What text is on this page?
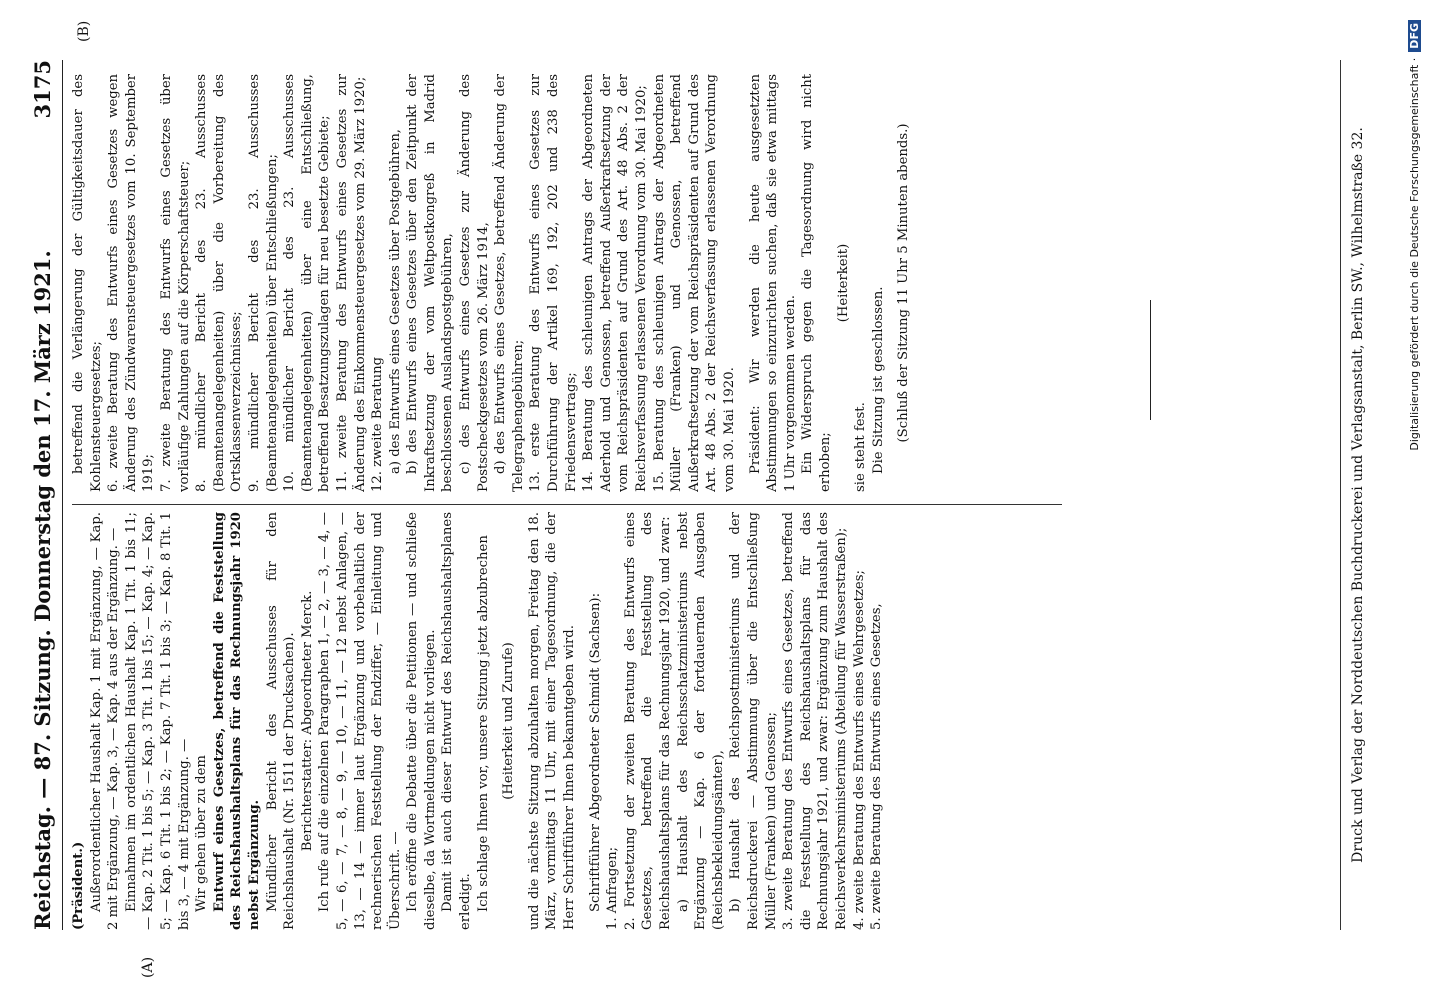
Reichstag. — 87. Sitzung. Donnerstag den 17. März 1921.
3175
(A)
(B)

(Präsident.) Außerordentlicher Haushalt Kap. 1 mit Ergänzung, — Kap. 2 mit Ergänzung, — Kap. 3, — Kap. 4 aus der Ergänzung. — Einnahmen im ordentlichen Haushalt Kap. 1 Tit. 1 bis 11; — Kap. 2 Tit. 1 bis 5; — Kap. 3 Tit. 1 bis 15; — Kap. 4; — Kap. 5; — Kap. 6 Tit. 1 bis 2; — Kap. 7 Tit. 1 bis 3; — Kap. 8 Tit. 1 bis 3, — 4 mit Ergänzung. — Wir gehen über zu dem Entwurf eines Gesetzes, betreffend die Feststellung des Reichshaushaltsplans für das Rechnungsjahr 1920 nebst Ergänzung. Mündlicher Bericht des Ausschusses für den Reichshaushalt (Nr. 1511 der Drucksachen). Berichterstatter: Abgeordneter Merck. Ich rufe auf die einzelnen Paragraphen 1, — 2, — 3, — 4, — 5, — 6, — 7, — 8, — 9, — 10, — 11, — 12 nebst Anlagen, — 13, — 14 — immer laut Ergänzung und vorbehaltlich der rechnerischen Feststellung der Endziffer, — Einleitung und Überschrift. — Ich eröffne die Debatte über die Petitionen — und schließe dieselbe, da Wortmeldungen nicht vorliegen. Damit ist auch dieser Entwurf des Reichshaushaltsplanes erledigt. Ich schlage Ihnen vor, unsere Sitzung jetzt abzubrechen (Heiterkeit und Zurufe) und die nächste Sitzung abzuhalten morgen, Freitag den 18. März, vormittags 11 Uhr, mit einer Tagesordnung, die der Herr Schriftführer Ihnen bekanntgeben wird. Schriftführer Abgeordneter Schmidt (Sachsen): 1. Anfragen; 2. Fortsetzung der zweiten Beratung des Entwurfs eines Gesetzes, betreffend die Feststellung des Reichshaushaltsplans für das Rechnungsjahr 1920, und zwar: a) Haushalt des Reichsschatzministeriums nebst Ergänzung — Kap. 6 der fortdauernden Ausgaben (Reichsbekleidungsämter), b) Haushalt des Reichspostministeriums und der Reichsdruckerei — Abstimmung über die Entschließung Müller (Franken) und Genossen; 3. zweite Beratung des Entwurfs eines Gesetzes, betreffend die Feststellung des Reichshaushaltsplans für das Rechnungsjahr 1921, und zwar: Ergänzung zum Haushalt des Reichsverkehrsministeriums (Abteilung für Wasserstraßen); 4. zweite Beratung des Entwurfs eines Wehrgesetzes; 5. zweite Beratung des Entwurfs eines Gesetzes,

betreffend die Verlängerung der Gültigkeitsdauer des Kohlensteuergesetzes; 6. zweite Beratung des Entwurfs eines Gesetzes wegen Änderung des Zündwarensteuergesetzes vom 10. September 1919; 7. zweite Beratung des Entwurfs eines Gesetzes über vorläufige Zahlungen auf die Körperschaftsteuer; 8. mündlicher Bericht des 23. Ausschusses (Beamtenangelegenheiten) über die Vorbereitung des Ortsklassenverzeichnisses; 9. mündlicher Bericht des 23. Ausschusses (Beamtenangelegenheiten) über Entschließungen; 10. mündlicher Bericht des 23. Ausschusses (Beamtenangelegenheiten) über eine Entschließung, betreffend Besatzungszulagen für neu besetzte Gebiete; 11. zweite Beratung des Entwurfs eines Gesetzes zur Änderung des Einkommensteuergesetzes vom 29. März 1920; 12. zweite Beratung a) des Entwurfs eines Gesetzes über Postgebühren, b) des Entwurfs eines Gesetzes über den Zeitpunkt der Inkraftsetzung der vom Weltpostkongreß in Madrid beschlossenen Auslandspostgebühren, c) des Entwurfs eines Gesetzes zur Änderung des Postscheckgesetzes vom 26. März 1914, d) des Entwurfs eines Gesetzes, betreffend Änderung der Telegraphengebühren; 13. erste Beratung des Entwurfs eines Gesetzes zur Durchführung der Artikel 169, 192, 202 und 238 des Friedensvertrags; 14. Beratung des schleunigen Antrags der Abgeordneten Aderhold und Genossen, betreffend Außerkraftsetzung der vom Reichspräsidenten auf Grund des Art. 48 Abs. 2 der Reichsverfassung erlassenen Verordnung vom 30. Mai 1920; 15. Beratung des schleunigen Antrags der Abgeordneten Müller (Franken) und Genossen, betreffend Außerkraftsetzung der vom Reichspräsidenten auf Grund des Art. 48 Abs. 2 der Reichsverfassung erlassenen Verordnung vom 30. Mai 1920. Präsident: Wir werden die heute ausgesetzten Abstimmungen so einzurichten suchen, daß sie etwa mittags 1 Uhr vorgenommen werden. Ein Widerspruch gegen die Tagesordnung wird nicht erhoben;

(Heiterkeit)

sie steht fest. Die Sitzung ist geschlossen. (Schluß der Sitzung 11 Uhr 5 Minuten abends.)	Druck und Verlag der Norddeutschen Buchdruckerei und Verlagsanstalt, Berlin SW., Wilhelmstraße 32.	Digitalisierung gefördert durch die Deutsche Forschungsgemeinschaft ·DFG
